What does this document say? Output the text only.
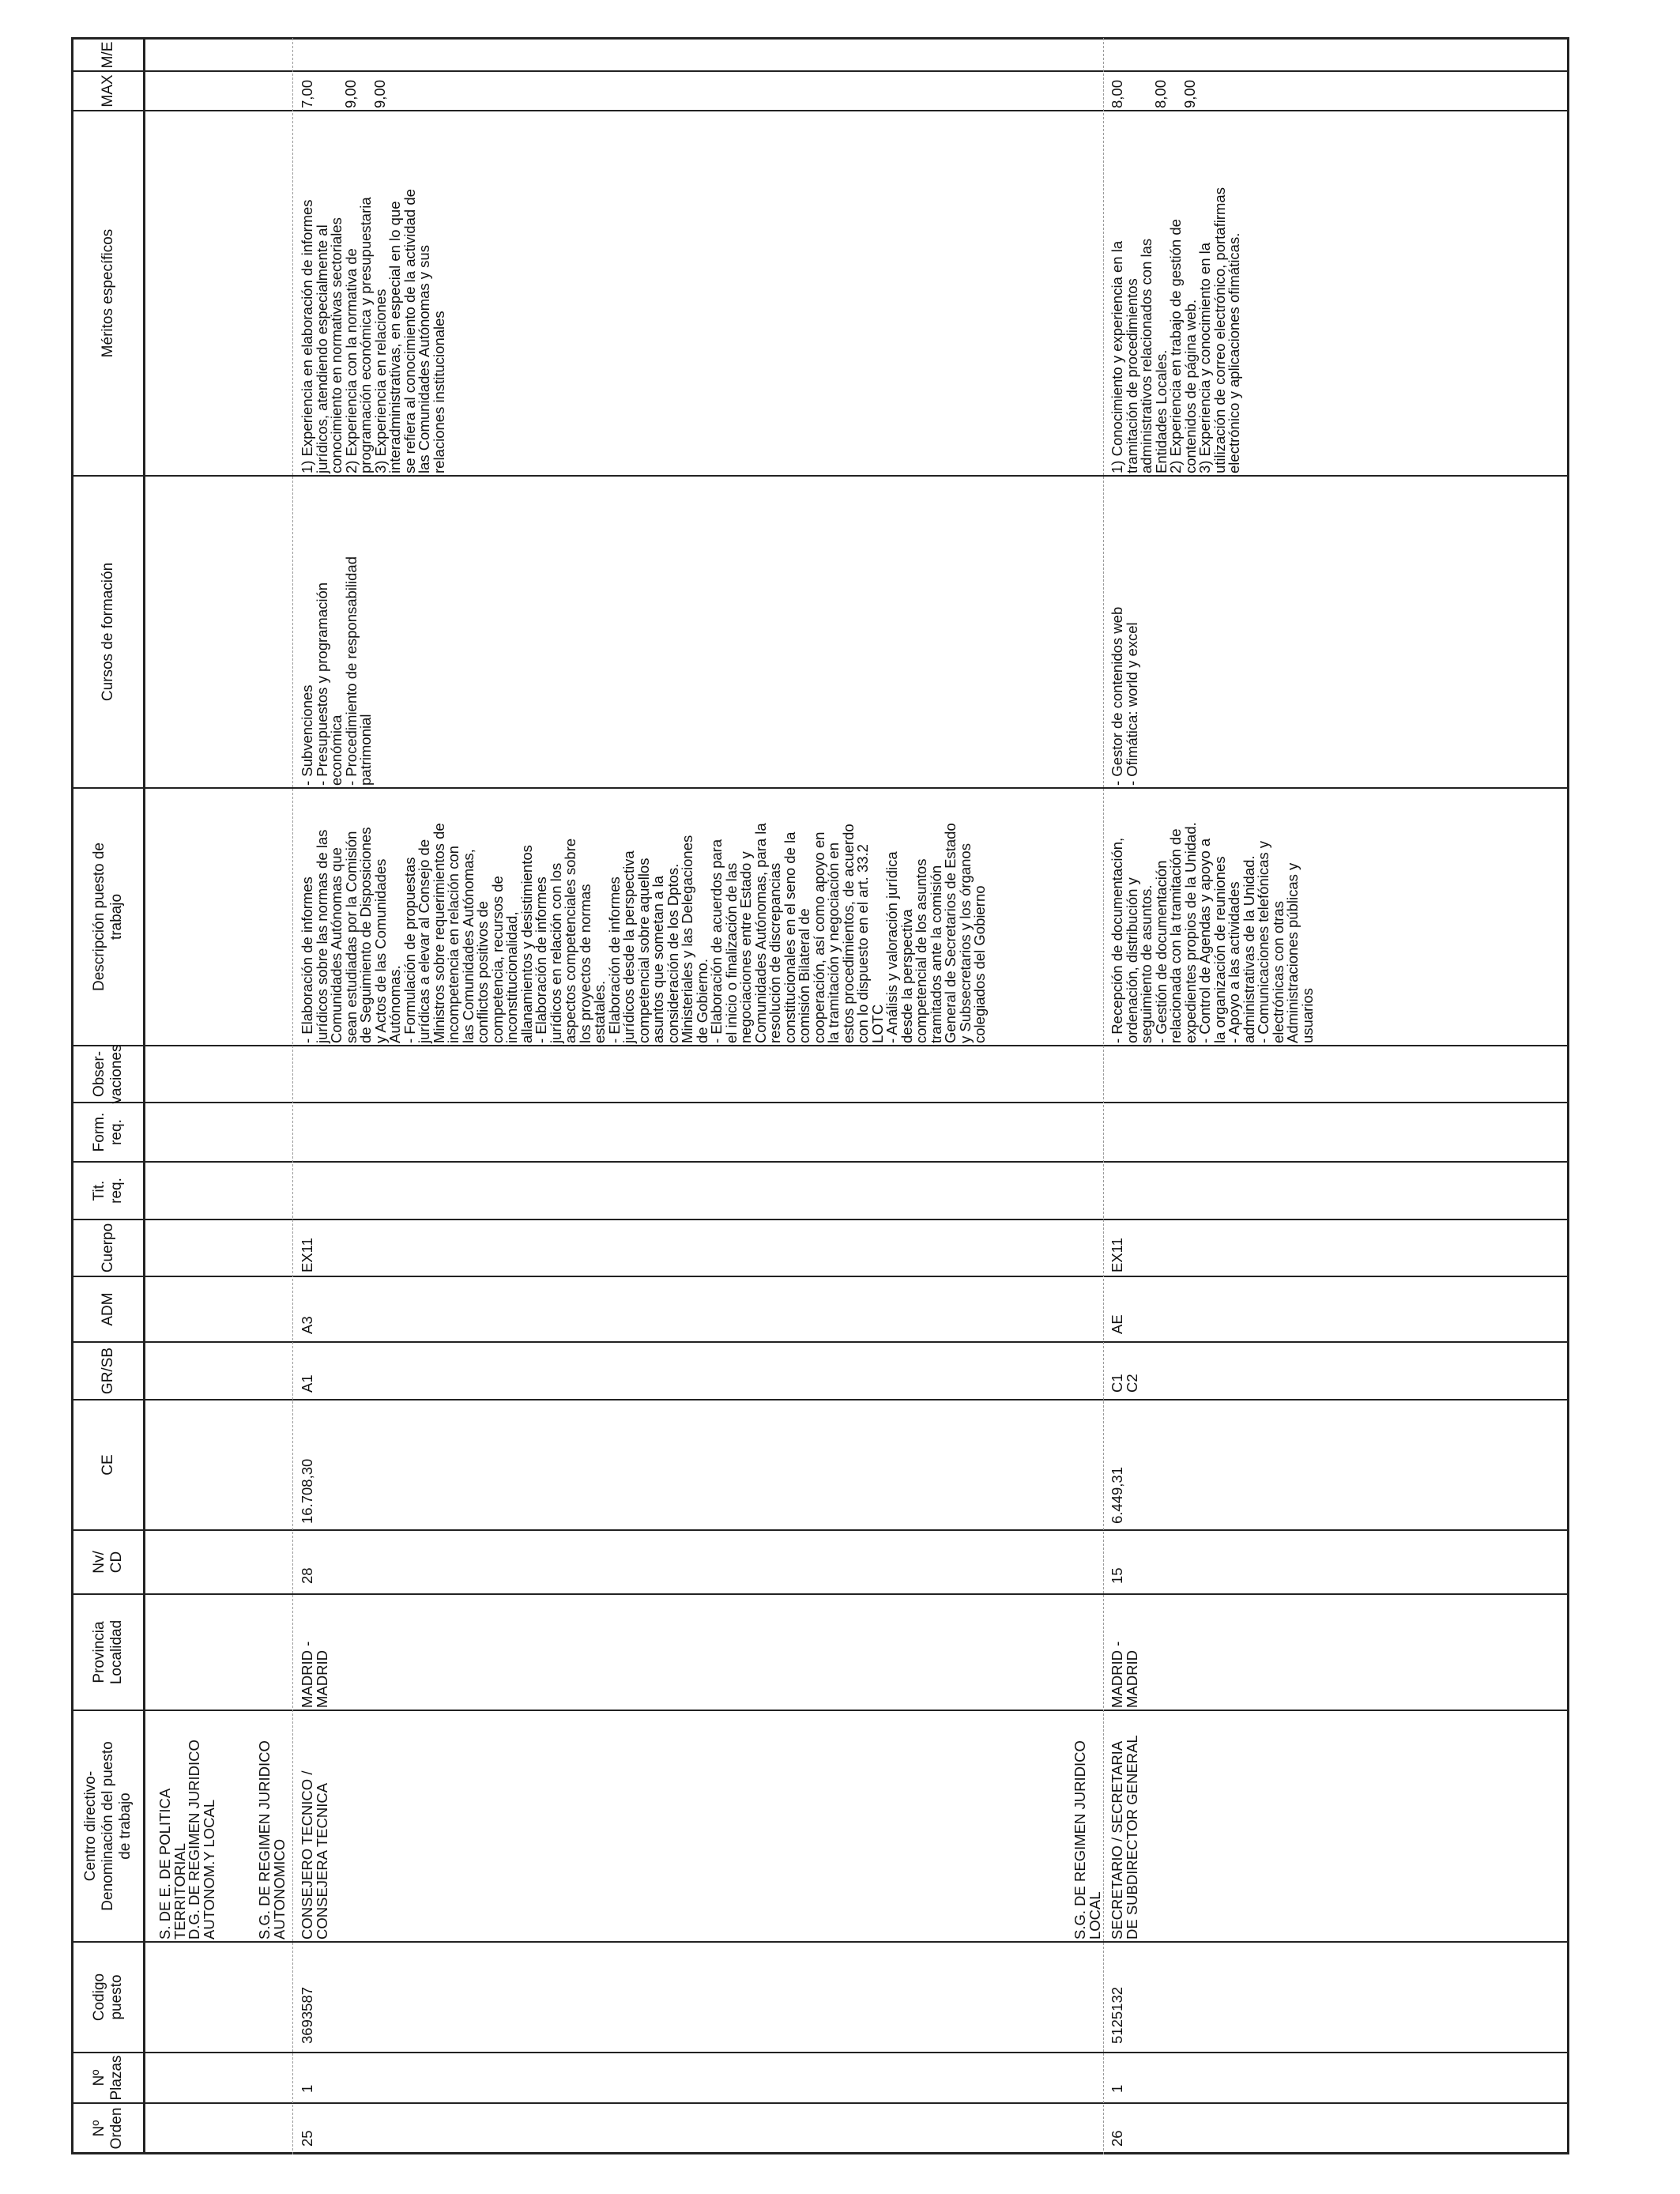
Nº
Orden
Nº
Plazas
Codigo
puesto
Centro directivo-
Denominación del puesto
de trabajo
Provincia
Localidad
Nv/
CD
CE
GR/SB
ADM
Cuerpo
Tit.
req.
Form.
req.
Obser-
vaciones
Descripción puesto de
trabajo
Cursos de formación
Méritos específicos
MAX
M/E
S. DE E. DE POLITICA
TERRITORIAL
D.G. DE REGIMEN JURIDICO
AUTONOM.Y LOCAL
S.G. DE REGIMEN JURIDICO
AUTONOMICO
25
1
3693587
CONSEJERO TECNICO /
CONSEJERA TECNICA
MADRID -
MADRID
28
16.708,30
A1
A3
EX11
- Elaboración de informes
jurídicos sobre las normas de las
Comunidades Autónomas que
sean estudiadas por la Comisión
de Seguimiento de Disposiciones
y Actos de las Comunidades
Autónomas.
- Formulación de propuestas
jurídicas a elevar al Consejo de
Ministros sobre requerimientos de
incompetencia en relación con
las Comunidades Autónomas,
conflictos positivos de
competencia, recursos de
inconstitucionalidad,
allanamientos y desistimientos
- Elaboración de informes
jurídicos en relación con los
aspectos competenciales sobre
los proyectos de normas
estatales.
- Elaboración de informes
jurídicos desde la perspectiva
competencial sobre aquellos
asuntos que sometan a la
consideración de los Dptos.
Ministeriales y las Delegaciones
de Gobierno.
- Elaboración de acuerdos para
el inicio o finalización de las
negociaciones entre Estado y
Comunidades Autónomas, para la
resolución de discrepancias
constitucionales en el seno de la
comisión Bilateral de
cooperación, así como apoyo en
la tramitación y negociación en
estos procedimientos, de acuerdo
con lo dispuesto en el art. 33.2
LOTC
- Análisis y valoración jurídica
desde la perspectiva
competencial de los asuntos
tramitados ante la comisión
General de Secretarios de Estado
y Subsecretarios y los órganos
colegiados del Gobierno
- Subvenciones
- Presupuestos y programación
económica
- Procedimiento de responsabilidad
patrimonial
1) Experiencia en elaboración de informes
jurídicos, atendiendo especialmente al
conocimiento en normativas sectoriales
2) Experiencia con la normativa de
programación económica y presupuestaria
3) Experiencia en relaciones
interadministrativas, en especial en lo que
se refiera al conocimiento de la actividad de
las Comunidades Autónomas y sus
relaciones institucionales
7,00 9,00 9,00
S.G. DE REGIMEN JURIDICO
LOCAL
26
1
5125132
SECRETARIO / SECRETARIA
DE SUBDIRECTOR GENERAL
MADRID -
MADRID
15
6.449,31
C1
C2
AE
EX11
- Recepción de documentación,
ordenación, distribución y
seguimiento de asuntos.
- Gestión de documentación
relacionada con la tramitación de
expedientes propios de la Unidad.
- Control de Agendas y apoyo a
la organización de reuniones
- Apoyo a las actividades
administrativas de la Unidad.
- Comunicaciones telefónicas y
electrónicas con otras
Administraciones públicas y
usuarios
- Gestor de contenidos web
- Ofimática: world y excel
1) Conocimiento y experiencia en la
tramitación de procedimientos
administrativos relacionados con las
Entidades Locales.
2) Experiencia en trabajo de gestión de
contenidos de página web.
3) Experiencia y conocimiento en la
utilización de correo electrónico, portafirmas
electrónico y aplicaciones ofimáticas.
8,00 8,00 9,00
